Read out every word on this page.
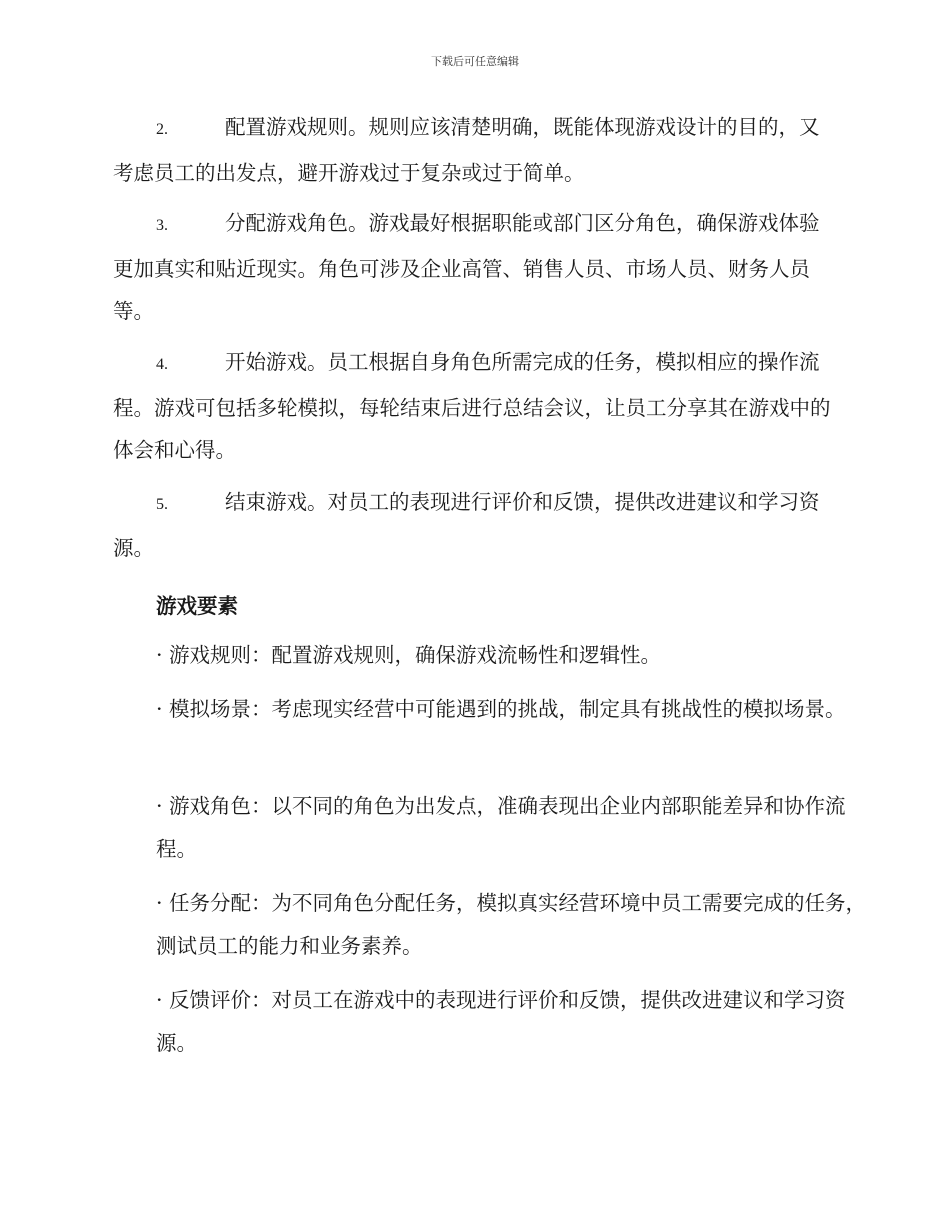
下载后可任意编辑
2.	配置游戏规则。规则应该清楚明确，既能体现游戏设计的目的，又考虑员工的出发点，避开游戏过于复杂或过于简单。
3.	分配游戏角色。游戏最好根据职能或部门区分角色，确保游戏体验更加真实和贴近现实。角色可涉及企业高管、销售人员、市场人员、财务人员等。
4.	开始游戏。员工根据自身角色所需完成的任务，模拟相应的操作流程。游戏可包括多轮模拟，每轮结束后进行总结会议，让员工分享其在游戏中的体会和心得。
5.	结束游戏。对员工的表现进行评价和反馈，提供改进建议和学习资源。
游戏要素
· 游戏规则：配置游戏规则，确保游戏流畅性和逻辑性。
· 模拟场景：考虑现实经营中可能遇到的挑战，制定具有挑战性的模拟场景。
· 游戏角色：以不同的角色为出发点，准确表现出企业内部职能差异和协作流程。
· 任务分配：为不同角色分配任务，模拟真实经营环境中员工需要完成的任务，测试员工的能力和业务素养。
· 反馈评价：对员工在游戏中的表现进行评价和反馈，提供改进建议和学习资源。
